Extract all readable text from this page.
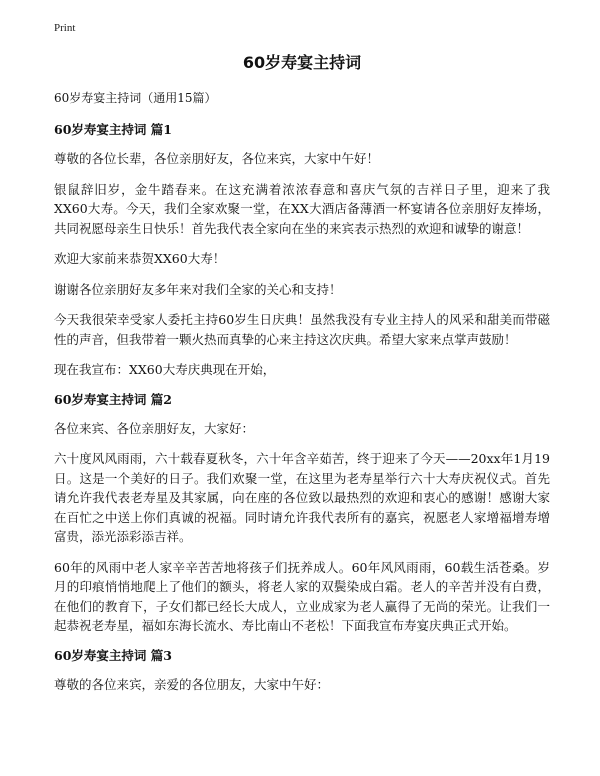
Print
60岁寿宴主持词
60岁寿宴主持词（通用15篇）
60岁寿宴主持词 篇1

尊敬的各位长辈，各位亲朋好友，各位来宾，大家中午好！

银鼠辞旧岁，金牛踏春来。在这充满着浓浓春意和喜庆气氛的吉祥日子里，迎来了我XX60大寿。今天，我们全家欢聚一堂，在XX大酒店备薄酒一杯宴请各位亲朋好友捧场，共同祝愿母亲生日快乐！首先我代表全家向在坐的来宾表示热烈的欢迎和诚挚的谢意！

欢迎大家前来恭贺XX60大寿！

谢谢各位亲朋好友多年来对我们全家的关心和支持！

今天我很荣幸受家人委托主持60岁生日庆典！虽然我没有专业主持人的风采和甜美而带磁性的声音，但我带着一颗火热而真挚的心来主持这次庆典。希望大家来点掌声鼓励！

现在我宣布：XX60大寿庆典现在开始，

60岁寿宴主持词 篇2

各位来宾、各位亲朋好友，大家好：

六十度风风雨雨，六十载春夏秋冬，六十年含辛茹苦，终于迎来了今天——20xx年1月19日。这是一个美好的日子。我们欢聚一堂，在这里为老寿星举行六十大寿庆祝仪式。首先请允许我代表老寿星及其家属，向在座的各位致以最热烈的欢迎和衷心的感谢！感谢大家在百忙之中送上你们真诚的祝福。同时请允许我代表所有的嘉宾，祝愿老人家增福增寿增富贵，添光添彩添吉祥。

60年的风雨中老人家辛辛苦苦地将孩子们抚养成人。60年风风雨雨，60载生活苍桑。岁月的印痕悄悄地爬上了他们的额头，将老人家的双鬓染成白霜。老人的辛苦并没有白费，在他们的教育下，子女们都已经长大成人，立业成家为老人赢得了无尚的荣光。让我们一起恭祝老寿星，福如东海长流水、寿比南山不老松！下面我宣布寿宴庆典正式开始。

60岁寿宴主持词 篇3

尊敬的各位来宾，亲爱的各位朋友，大家中午好：
